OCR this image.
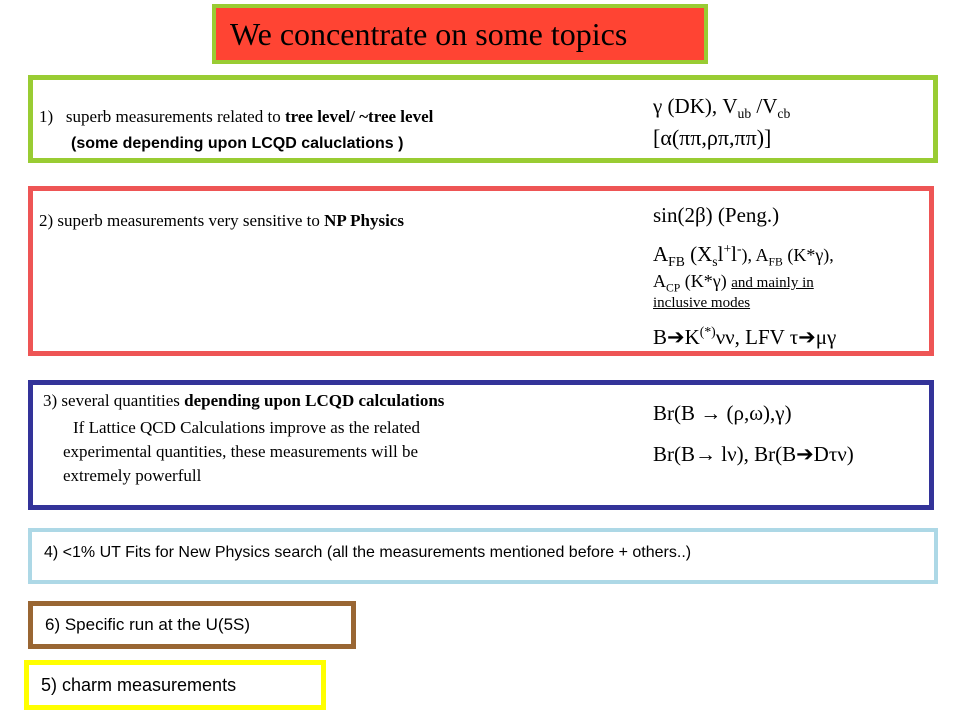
We concentrate on some topics
1) superb measurements related to tree level/ ~tree level
(some depending upon LCQD caluclations )
γ (DK), $V_{ub}$ $/V_{cb}$
[α(ππ,ρπ,ππ)]
2) superb measurements very sensitive to NP Physics	sin(2β) (Peng.)
$A_{FB}$ $(X_sl^+l^-)$, $A_{FB}$ (K*γ),
$A_{CP}$ (K*γ) and mainly in
inclusive modes
B➔K(*)νν, LFV τ➔μγ
3) several quantities depending upon LCQD calculations
If Lattice QCD Calculations improve as the related
experimental quantities, these measurements will be
extremely powerfull
Br(B → (ρ,ω),γ)
Br(B→ lν), Br(B➔Dτν)
4) <1% UT Fits for New Physics search (all the measurements mentioned before + others..)
6) Specific run at the U(5S)
5) charm measurements
